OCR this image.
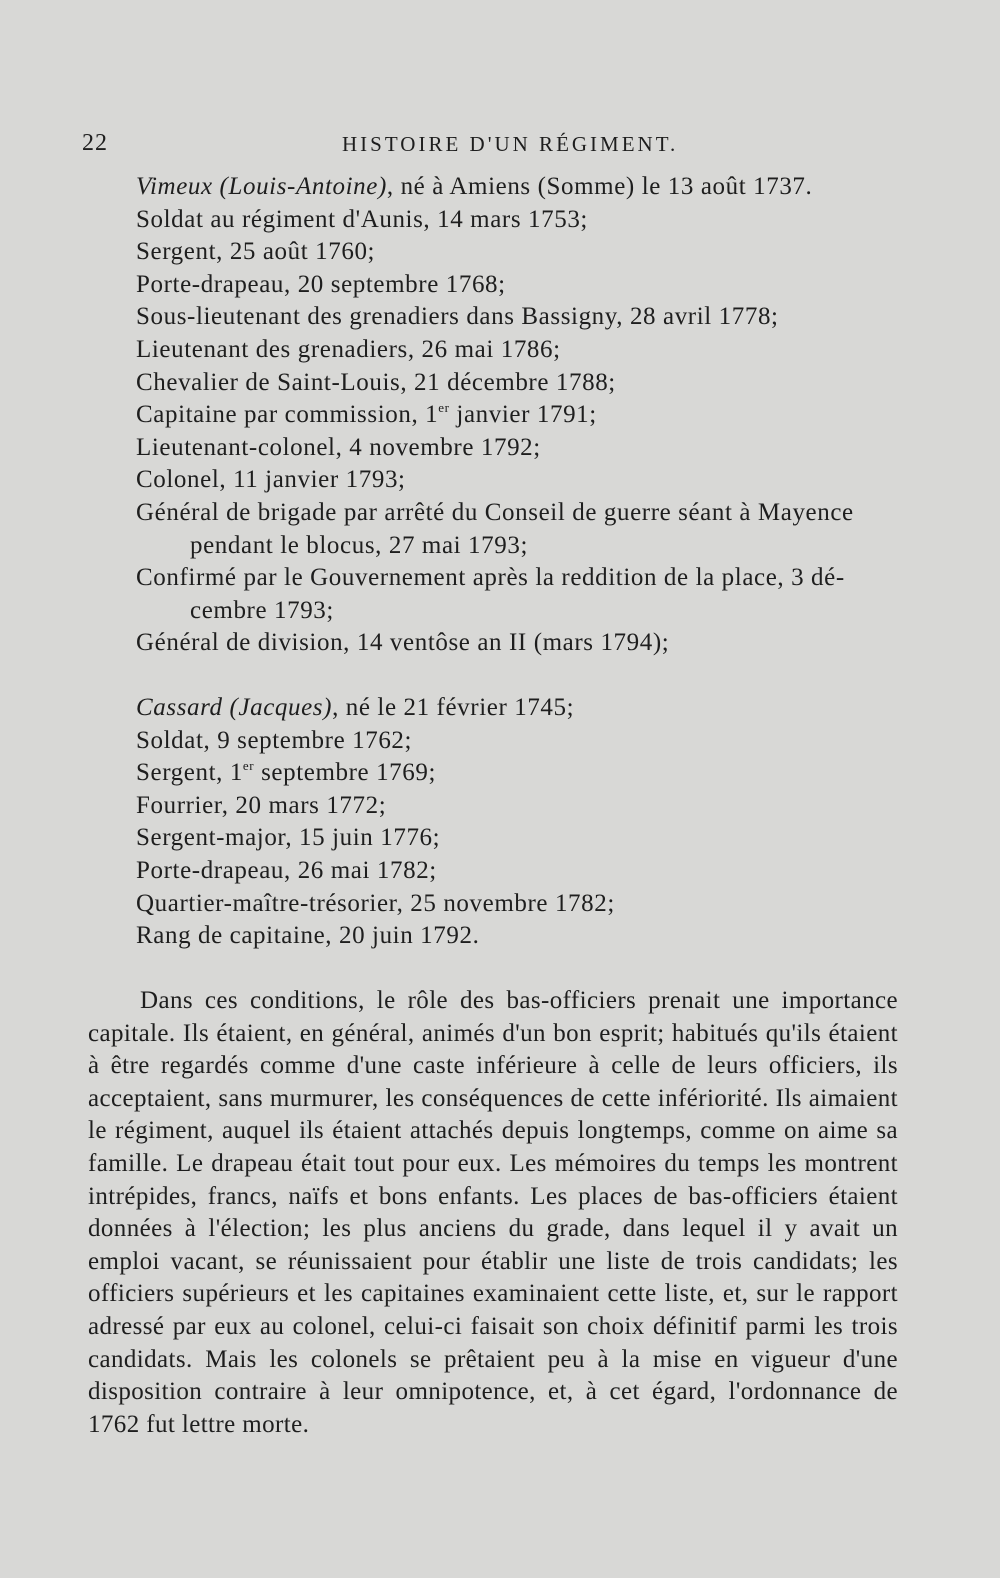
22	HISTOIRE D'UN RÉGIMENT.
Vimeux (Louis-Antoine), né à Amiens (Somme) le 13 août 1737.
Soldat au régiment d'Aunis, 14 mars 1753;
Sergent, 25 août 1760;
Porte-drapeau, 20 septembre 1768;
Sous-lieutenant des grenadiers dans Bassigny, 28 avril 1778;
Lieutenant des grenadiers, 26 mai 1786;
Chevalier de Saint-Louis, 21 décembre 1788;
Capitaine par commission, 1er janvier 1791;
Lieutenant-colonel, 4 novembre 1792;
Colonel, 11 janvier 1793;
Général de brigade par arrêté du Conseil de guerre séant à Mayence
pendant le blocus, 27 mai 1793;
Confirmé par le Gouvernement après la reddition de la place, 3 dé-
cembre 1793;
Général de division, 14 ventôse an II (mars 1794);
Cassard (Jacques), né le 21 février 1745;
Soldat, 9 septembre 1762;
Sergent, 1er septembre 1769;
Fourrier, 20 mars 1772;
Sergent-major, 15 juin 1776;
Porte-drapeau, 26 mai 1782;
Quartier-maître-trésorier, 25 novembre 1782;
Rang de capitaine, 20 juin 1792.

Dans ces conditions, le rôle des bas-officiers prenait une importance capitale. Ils étaient, en général, animés d'un bon esprit; habitués qu'ils étaient à être regardés comme d'une caste inférieure à celle de leurs officiers, ils acceptaient, sans murmurer, les conséquences de cette infériorité. Ils aimaient le régiment, auquel ils étaient attachés depuis longtemps, comme on aime sa famille. Le drapeau était tout pour eux. Les mémoires du temps les montrent intrépides, francs, naïfs et bons enfants. Les places de bas-officiers étaient données à l'élection; les plus anciens du grade, dans lequel il y avait un emploi vacant, se réunissaient pour établir une liste de trois candidats; les officiers supérieurs et les capitaines examinaient cette liste, et, sur le rapport adressé par eux au colonel, celui-ci faisait son choix définitif parmi les trois candidats. Mais les colonels se prêtaient peu à la mise en vigueur d'une disposition contraire à leur omnipotence, et, à cet égard, l'ordonnance de 1762 fut lettre morte.
